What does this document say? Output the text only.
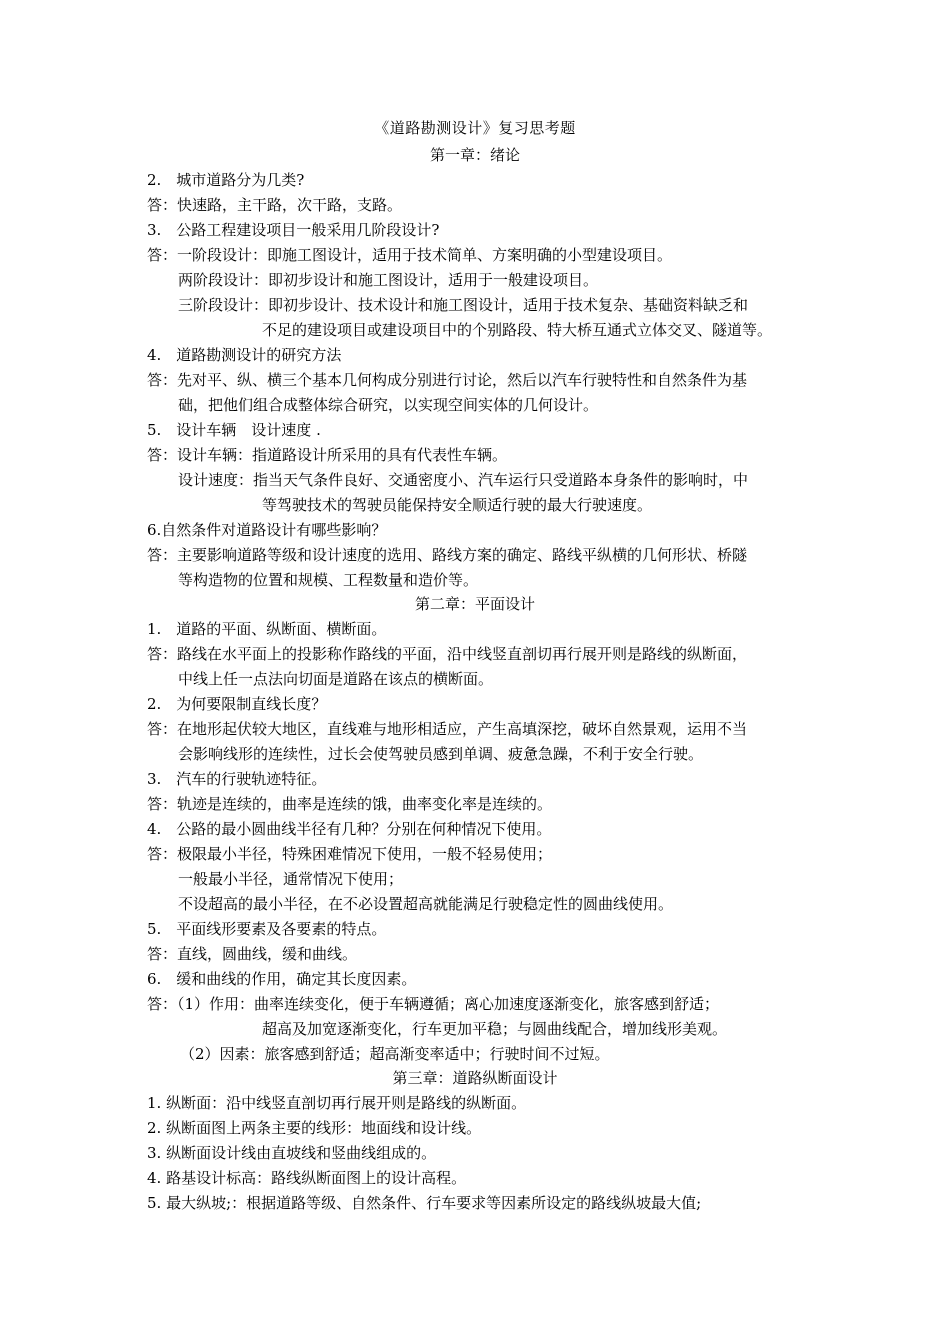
《道路勘测设计》复习思考题
第一章：绪论
2.　城市道路分为几类?
答：快速路，主干路，次干路，支路。
3.　公路工程建设项目一般采用几阶段设计?
答：一阶段设计：即施工图设计，适用于技术简单、方案明确的小型建设项目。
两阶段设计：即初步设计和施工图设计，适用于一般建设项目。
三阶段设计：即初步设计、技术设计和施工图设计，适用于技术复杂、基础资料缺乏和
不足的建设项目或建设项目中的个别路段、特大桥互通式立体交叉、隧道等。
4.　道路勘测设计的研究方法
答：先对平、纵、横三个基本几何构成分别进行讨论，然后以汽车行驶特性和自然条件为基
础，把他们组合成整体综合研究，以实现空间实体的几何设计。
5.　设计车辆　设计速度 .
答：设计车辆：指道路设计所采用的具有代表性车辆。
设计速度：指当天气条件良好、交通密度小、汽车运行只受道路本身条件的影响时，中
等驾驶技术的驾驶员能保持安全顺适行驶的最大行驶速度。
6.自然条件对道路设计有哪些影响？
答：主要影响道路等级和设计速度的选用、路线方案的确定、路线平纵横的几何形状、桥隧
等构造物的位置和规模、工程数量和造价等。
第二章：平面设计
1.　道路的平面、纵断面、横断面。
答：路线在水平面上的投影称作路线的平面，沿中线竖直剖切再行展开则是路线的纵断面，
中线上任一点法向切面是道路在该点的横断面。
2.　为何要限制直线长度？
答：在地形起伏较大地区，直线难与地形相适应，产生高填深挖，破坏自然景观，运用不当
会影响线形的连续性，过长会使驾驶员感到单调、疲惫急躁，不利于安全行驶。
3.　汽车的行驶轨迹特征。
答：轨迹是连续的，曲率是连续的饿，曲率变化率是连续的。
4.　公路的最小圆曲线半径有几种？分别在何种情况下使用。
答：极限最小半径，特殊困难情况下使用，一般不轻易使用；
一般最小半径，通常情况下使用；
不设超高的最小半径，在不必设置超高就能满足行驶稳定性的圆曲线使用。
5.　平面线形要素及各要素的特点。
答：直线，圆曲线，缓和曲线。
6.　缓和曲线的作用，确定其长度因素。
答：（1）作用：曲率连续变化，便于车辆遵循；离心加速度逐渐变化，旅客感到舒适；
超高及加宽逐渐变化，行车更加平稳；与圆曲线配合，增加线形美观。
（2）因素：旅客感到舒适；超高渐变率适中；行驶时间不过短。
第三章：道路纵断面设计
1. 纵断面：沿中线竖直剖切再行展开则是路线的纵断面。
2. 纵断面图上两条主要的线形：地面线和设计线。
3. 纵断面设计线由直坡线和竖曲线组成的。
4. 路基设计标高：路线纵断面图上的设计高程。
5. 最大纵坡;：根据道路等级、自然条件、行车要求等因素所设定的路线纵坡最大值;
